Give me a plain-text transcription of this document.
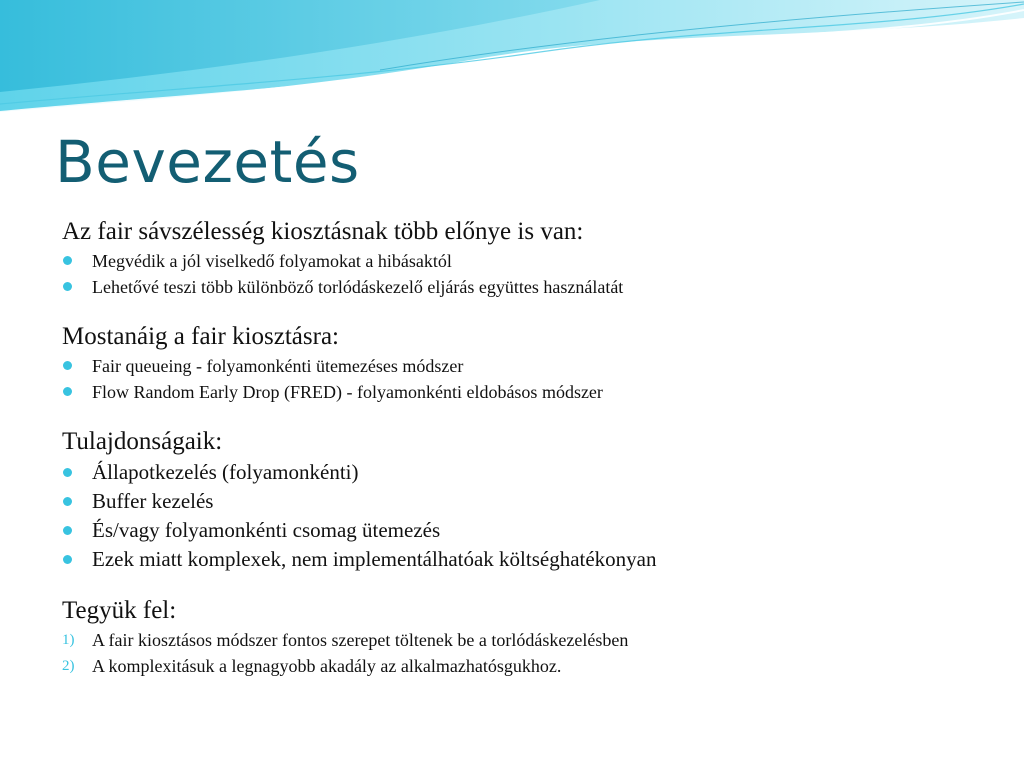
Bevezetés

Az fair sávszélesség kiosztásnak több előnye is van:

Megvédik a jól viselkedő folyamokat a hibásaktól
Lehetővé teszi több különböző torlódáskezelő eljárás együttes használatát

Mostanáig a fair kiosztásra:

Fair queueing - folyamonkénti ütemezéses módszer
Flow Random Early Drop (FRED) - folyamonkénti eldobásos módszer

Tulajdonságaik:

Állapotkezelés (folyamonkénti)
Buffer kezelés
És/vagy folyamonkénti csomag ütemezés
Ezek miatt komplexek, nem implementálhatóak költséghatékonyan

Tegyük fel:

1) A fair kiosztásos módszer fontos szerepet töltenek be a torlódáskezelésben
2) A komplexitásuk a legnagyobb akadály az alkalmazhatósgukhoz.
